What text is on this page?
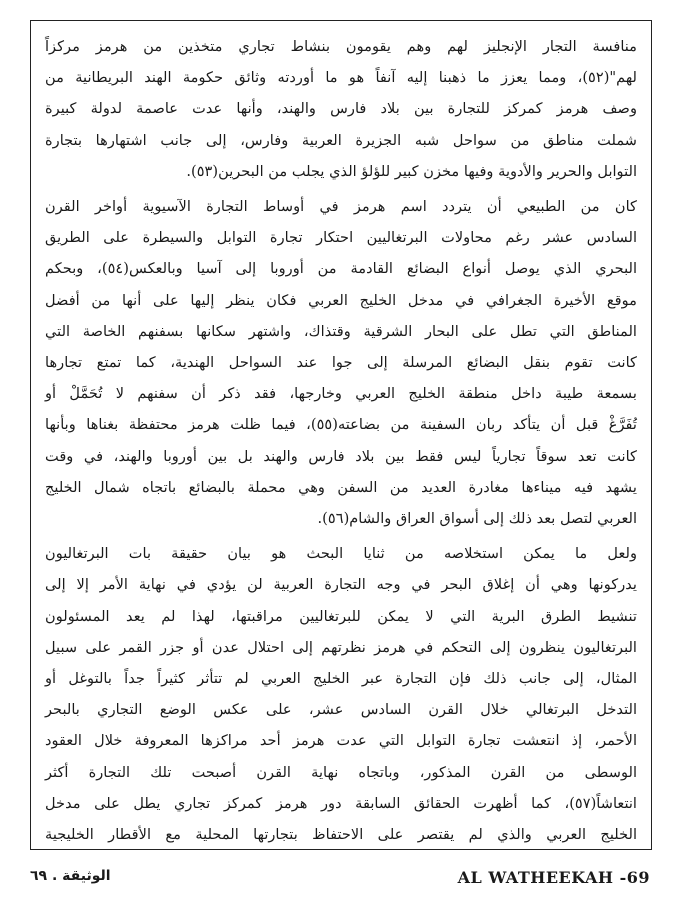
منافسة التجار الإنجليز لهم وهم يقومون بنشاط تجاري متخذين من هرمز مركزاً
لهم"(٥٢)، ومما يعزز ما ذهبنا إليه آنفاً هو ما أوردته وثائق حكومة الهند البريطانية من
وصف هرمز كمركز للتجارة بين بلاد فارس والهند، وأنها عدت عاصمة لدولة كبيرة
شملت مناطق من سواحل شبه الجزيرة العربية وفارس، إلى جانب اشتهارها بتجارة
التوابل والحرير والأدوية وفيها مخزن كبير للؤلؤ الذي يجلب من البحرين(٥٣).

كان من الطبيعي أن يتردد اسم هرمز في أوساط التجارة الآسيوية أواخر القرن
السادس عشر رغم محاولات البرتغاليين احتكار تجارة التوابل والسيطرة على الطريق
البحري الذي يوصل أنواع البضائع القادمة من أوروبا إلى آسيا وبالعكس(٥٤)، وبحكم
موقع الأخيرة الجغرافي في مدخل الخليج العربي فكان ينظر إليها على أنها من أفضل
المناطق التي تطل على البحار الشرقية وقتذاك، واشتهر سكانها بسفنهم الخاصة التي
كانت تقوم بنقل البضائع المرسلة إلى جوا عند السواحل الهندية، كما تمتع تجارها
بسمعة طيبة داخل منطقة الخليج العربي وخارجها، فقد ذكر أن سفنهم لا تُحَمَّلْ أو
تُفَرَّغْ قبل أن يتأكد ربان السفينة من بضاعته(٥٥)، فيما ظلت هرمز محتفظة بغناها وبأنها
كانت تعد سوقاً تجارياً ليس فقط بين بلاد فارس والهند بل بين أوروبا والهند، في وقت
يشهد فيه ميناءها مغادرة العديد من السفن وهي محملة بالبضائع باتجاه شمال الخليج
العربي لتصل بعد ذلك إلى أسواق العراق والشام(٥٦).

ولعل ما يمكن استخلاصه من ثنايا البحث هو بيان حقيقة بات البرتغاليون
يدركونها وهي أن إغلاق البحر في وجه التجارة العربية لن يؤدي في نهاية الأمر إلا إلى
تنشيط الطرق البرية التي لا يمكن للبرتغاليين مراقبتها، لهذا لم يعد المسئولون
البرتغاليون ينظرون إلى التحكم في هرمز نظرتهم إلى احتلال عدن أو جزر القمر على سبيل
المثال، إلى جانب ذلك فإن التجارة عبر الخليج العربي لم تتأثر كثيراً جداً بالتوغل أو
التدخل البرتغالي خلال القرن السادس عشر، على عكس الوضع التجاري بالبحر
الأحمر، إذ انتعشت تجارة التوابل التي عدت هرمز أحد مراكزها المعروفة خلال العقود
الوسطى من القرن المذكور، وباتجاه نهاية القرن أصبحت تلك التجارة أكثر
انتعاشاً(٥٧)، كما أظهرت الحقائق السابقة دور هرمز كمركز تجاري يطل على مدخل
الخليج العربي والذي لم يقتصر على الاحتفاظ بتجارتها المحلية مع الأقطار الخليجية

الوثيقة . ٦٩	AL WATHEEKAH -69
